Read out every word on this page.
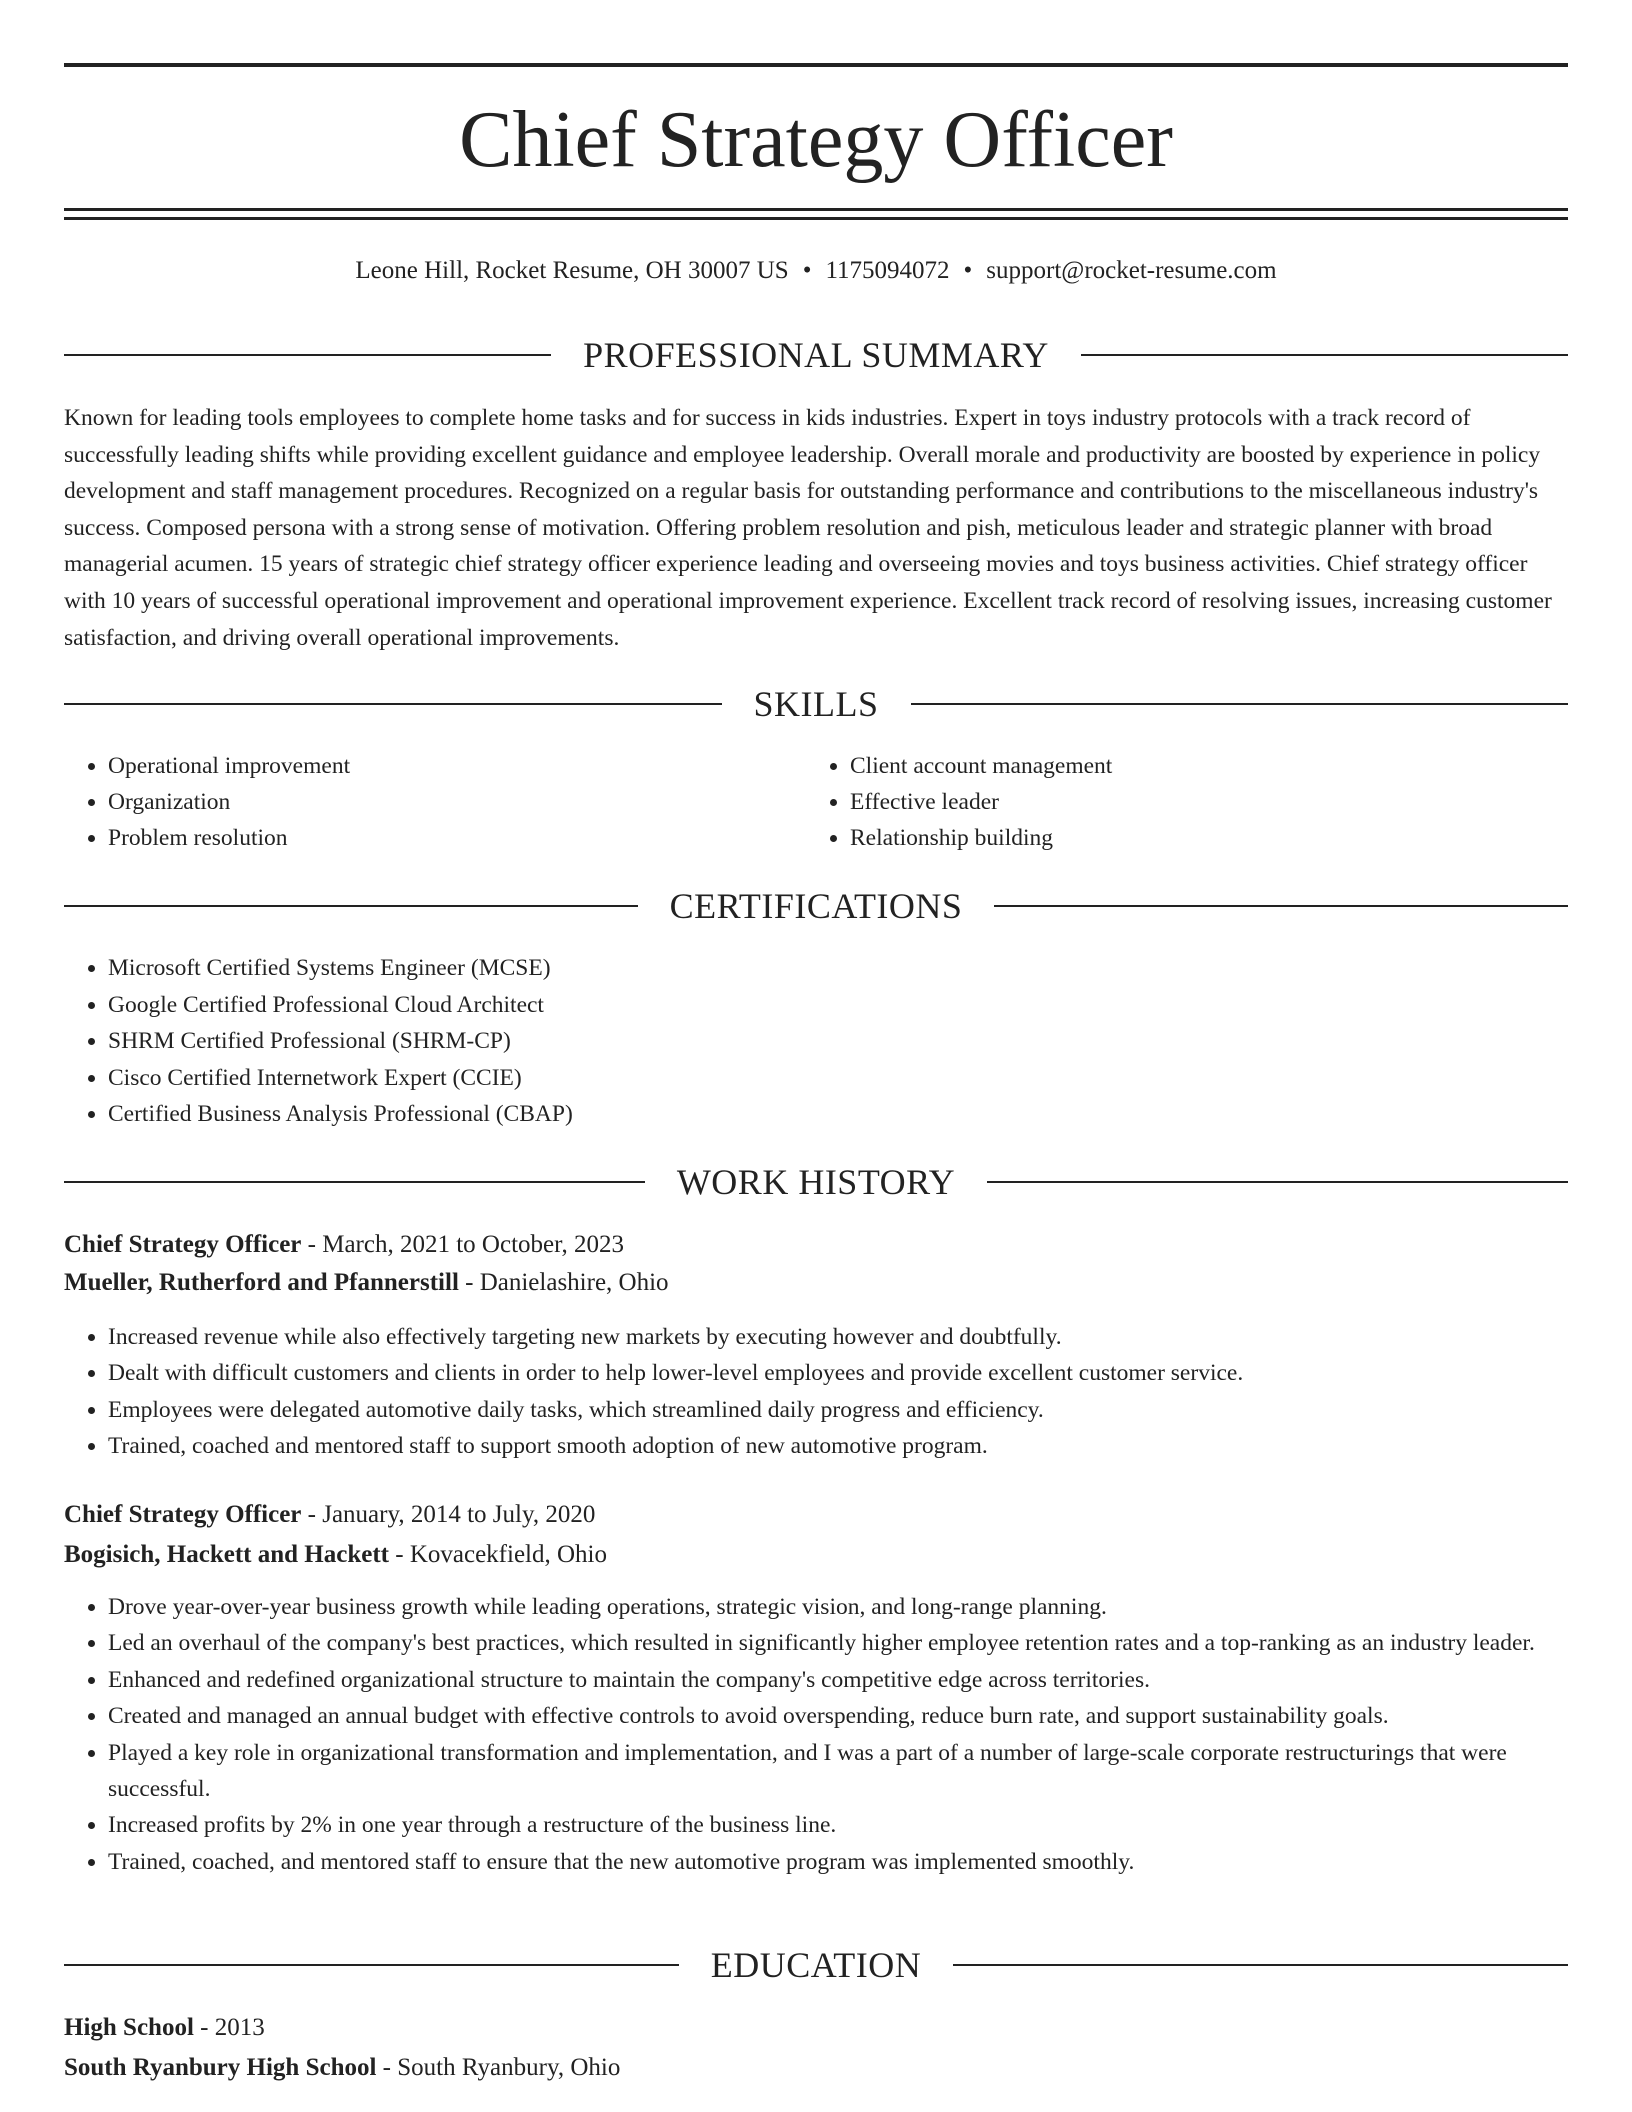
Chief Strategy Officer
Leone Hill, Rocket Resume, OH 30007 US • 1175094072 • support@rocket-resume.com
PROFESSIONAL SUMMARY

Known for leading tools employees to complete home tasks and for success in kids industries. Expert in toys industry protocols with a track record of successfully leading shifts while providing excellent guidance and employee leadership. Overall morale and productivity are boosted by experience in policy development and staff management procedures. Recognized on a regular basis for outstanding performance and contributions to the miscellaneous industry's success. Composed persona with a strong sense of motivation. Offering problem resolution and pish, meticulous leader and strategic planner with broad managerial acumen. 15 years of strategic chief strategy officer experience leading and overseeing movies and toys business activities. Chief strategy officer with 10 years of successful operational improvement and operational improvement experience. Excellent track record of resolving issues, increasing customer satisfaction, and driving overall operational improvements.

SKILLS
• Operational improvement
• Organization
• Problem resolution
• Client account management
• Effective leader
• Relationship building
CERTIFICATIONS
• Microsoft Certified Systems Engineer (MCSE)
• Google Certified Professional Cloud Architect
• SHRM Certified Professional (SHRM-CP)
• Cisco Certified Internetwork Expert (CCIE)
• Certified Business Analysis Professional (CBAP)
WORK HISTORY
Chief Strategy Officer - March, 2021 to October, 2023
Mueller, Rutherford and Pfannerstill - Danielashire, Ohio
• Increased revenue while also effectively targeting new markets by executing however and doubtfully.
• Dealt with difficult customers and clients in order to help lower-level employees and provide excellent customer service.
• Employees were delegated automotive daily tasks, which streamlined daily progress and efficiency.
• Trained, coached and mentored staff to support smooth adoption of new automotive program.
Chief Strategy Officer - January, 2014 to July, 2020
Bogisich, Hackett and Hackett - Kovacekfield, Ohio
• Drove year-over-year business growth while leading operations, strategic vision, and long-range planning.
• Led an overhaul of the company's best practices, which resulted in significantly higher employee retention rates and a top-ranking as an industry leader.
• Enhanced and redefined organizational structure to maintain the company's competitive edge across territories.
• Created and managed an annual budget with effective controls to avoid overspending, reduce burn rate, and support sustainability goals.
• Played a key role in organizational transformation and implementation, and I was a part of a number of large-scale corporate restructurings that were successful.
• Increased profits by 2% in one year through a restructure of the business line.
• Trained, coached, and mentored staff to ensure that the new automotive program was implemented smoothly.
EDUCATION
High School - 2013
South Ryanbury High School - South Ryanbury, Ohio
